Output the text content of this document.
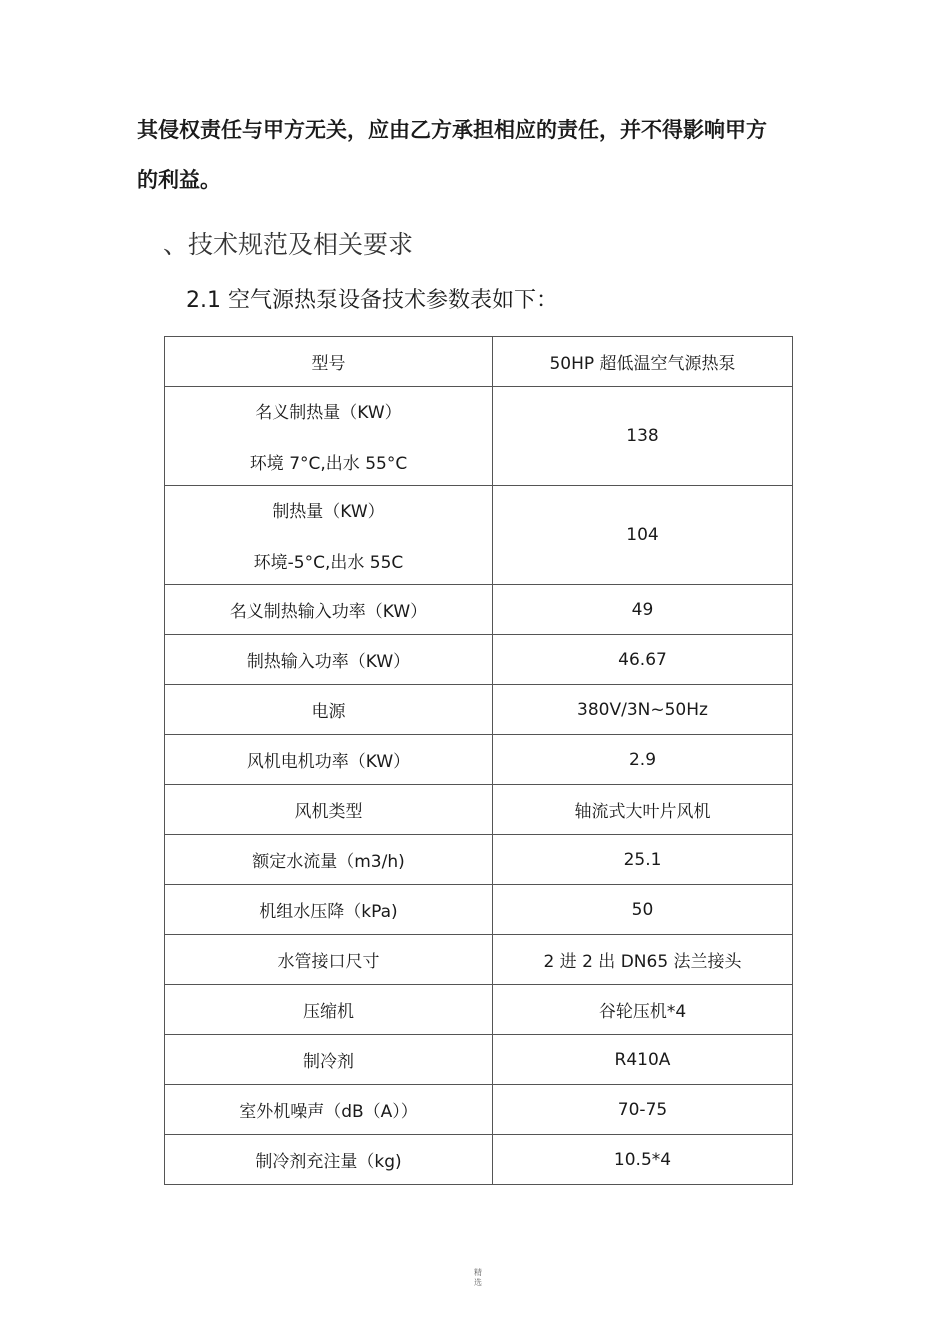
其侵权责任与甲方无关，应由乙方承担相应的责任，并不得影响甲方
的利益。
、技术规范及相关要求
2.1 空气源热泵设备技术参数表如下：
型号	50HP 超低温空气源热泵

名义制热量（KW）
环境 7°C,出水 55°C	138

制热量（KW）
环境-5°C,出水 55C	104

名义制热输入功率（KW）	49

制热输入功率（KW）	46.67

电源	380V/3N~50Hz

风机电机功率（KW）	2.9

风机类型	轴流式大叶片风机

额定水流量（m3/h)	25.1

机组水压降（kPa)	50

水管接口尺寸	2 进 2 出 DN65 法兰接头

压缩机	谷轮压机*4

制冷剂	R410A

室外机噪声（dB（A））	70-75

制冷剂充注量（kg)	10.5*4
精
选
